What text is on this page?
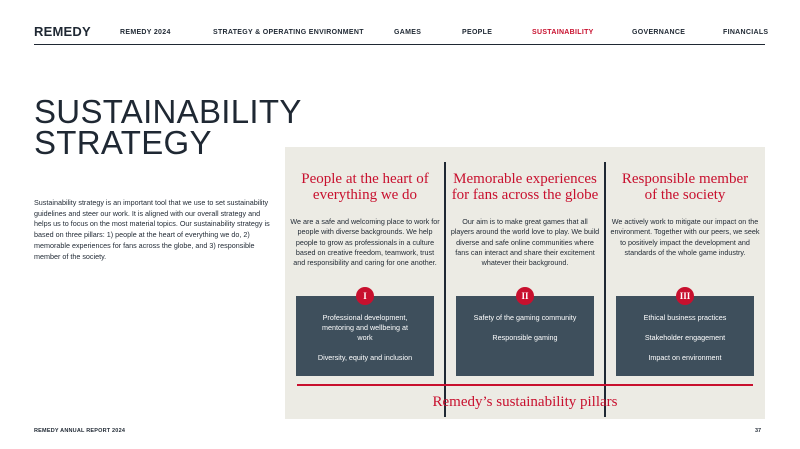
REMEDY	REMEDY 2024	STRATEGY & OPERATING ENVIRONMENT	GAMES	PEOPLE	SUSTAINABILITY	GOVERNANCE	FINANCIALS
SUSTAINABILITY
STRATEGY

Sustainability strategy is an important tool that we use to set sustainability guidelines and steer our work. It is aligned with our overall strategy and helps us to focus on the most material topics. Our sustainability strategy is based on three pillars: 1) people at the heart of everything we do, 2) memorable experiences for fans across the globe, and 3) responsible member of the society.

People at the heart of
everything we do

We are a safe and welcoming place to work for people with diverse backgrounds. We help people to grow as professionals in a culture based on creative freedom, teamwork, trust and responsibility and caring for one another.

Memorable experiences
for fans across the globe

Our aim is to make great games that all players around the world love to play. We build diverse and safe online communities where fans can interact and share their excitement whatever their background.

Responsible member
of the society

We actively work to mitigate our impact on the environment. Together with our peers, we seek to positively impact the development and standards of the whole game industry.

I
Professional development, mentoring and wellbeing at work
Diversity, equity and inclusion
II
Safety of the gaming community
Responsible gaming
III
Ethical business practices
Stakeholder engagement
Impact on environment
Remedy’s sustainability pillars
REMEDY ANNUAL REPORT 2024	37
